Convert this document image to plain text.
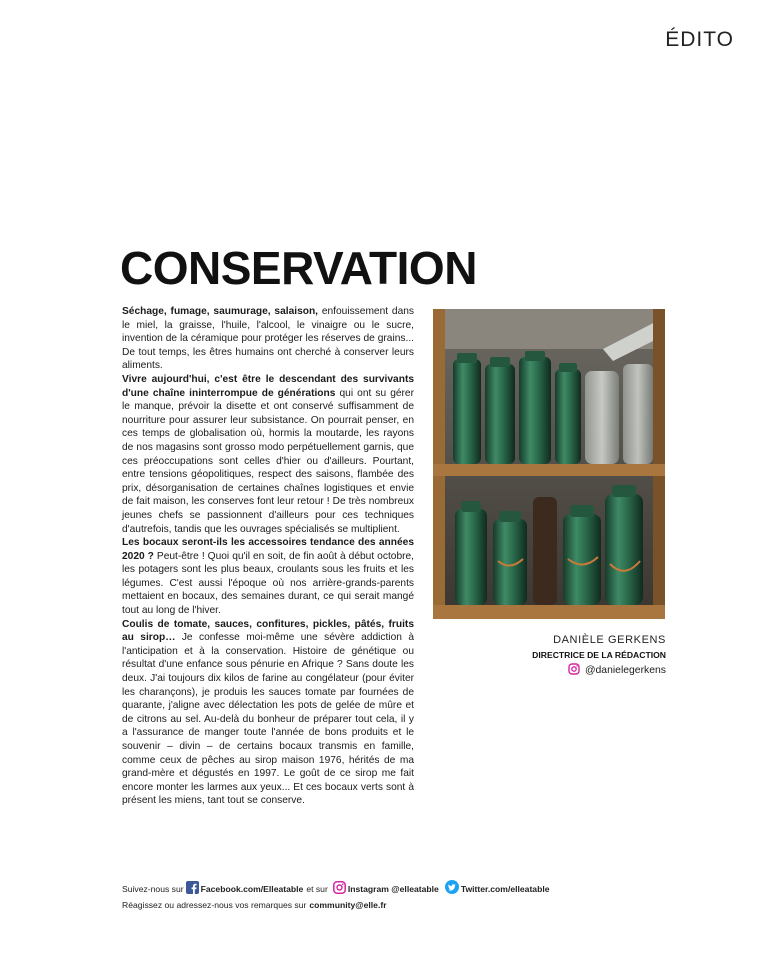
ÉDITO
CONSERVATION

Séchage, fumage, saumurage, salaison, enfouissement dans le miel, la graisse, l'huile, l'alcool, le vinaigre ou le sucre, invention de la céramique pour protéger les réserves de grains... De tout temps, les êtres humains ont cherché à conserver leurs aliments.

Vivre aujourd'hui, c'est être le descendant des survivants d'une chaîne ininterrompue de générations qui ont su gérer le manque, prévoir la disette et ont conservé suffisamment de nourriture pour assurer leur subsistance. On pourrait penser, en ces temps de globalisation où, hormis la moutarde, les rayons de nos magasins sont grosso modo perpétuellement garnis, que ces préoccupations sont celles d'hier ou d'ailleurs. Pourtant, entre tensions géopolitiques, respect des saisons, flambée des prix, désorganisation de certaines chaînes logistiques et envie de fait maison, les conserves font leur retour ! De très nombreux jeunes chefs se passionnent d'ailleurs pour ces techniques d'autrefois, tandis que les ouvrages spécialisés se multiplient.

Les bocaux seront-ils les accessoires tendance des années 2020 ? Peut-être ! Quoi qu'il en soit, de fin août à début octobre, les potagers sont les plus beaux, croulants sous les fruits et les légumes. C'est aussi l'époque où nos arrière-grands-parents mettaient en bocaux, des semaines durant, ce qui serait mangé tout au long de l'hiver.

Coulis de tomate, sauces, confitures, pickles, pâtés, fruits au sirop… Je confesse moi-même une sévère addiction à l'anticipation et à la conservation. Histoire de génétique ou résultat d'une enfance sous pénurie en Afrique ? Sans doute les deux. J'ai toujours dix kilos de farine au congélateur (pour éviter les charançons), je produis les sauces tomate par fournées de quarante, j'aligne avec délectation les pots de gelée de mûre et de citrons au sel. Au-delà du bonheur de préparer tout cela, il y a l'assurance de manger toute l'année de bons produits et le souvenir – divin – de certains bocaux transmis en famille, comme ceux de pêches au sirop maison 1976, hérités de ma grand-mère et dégustés en 1997. Le goût de ce sirop me fait encore monter les larmes aux yeux... Et ces bocaux verts sont à présent les miens, tant tout se conserve.

DANIÈLE GERKENS
DIRECTRICE DE LA RÉDACTION
@danielegerkens
Suivez-nous sur Facebook.com/Elleatable et sur Instagram @elleatable	Twitter.com/elleatable
Réagissez ou adressez-nous vos remarques sur community@elle.fr
